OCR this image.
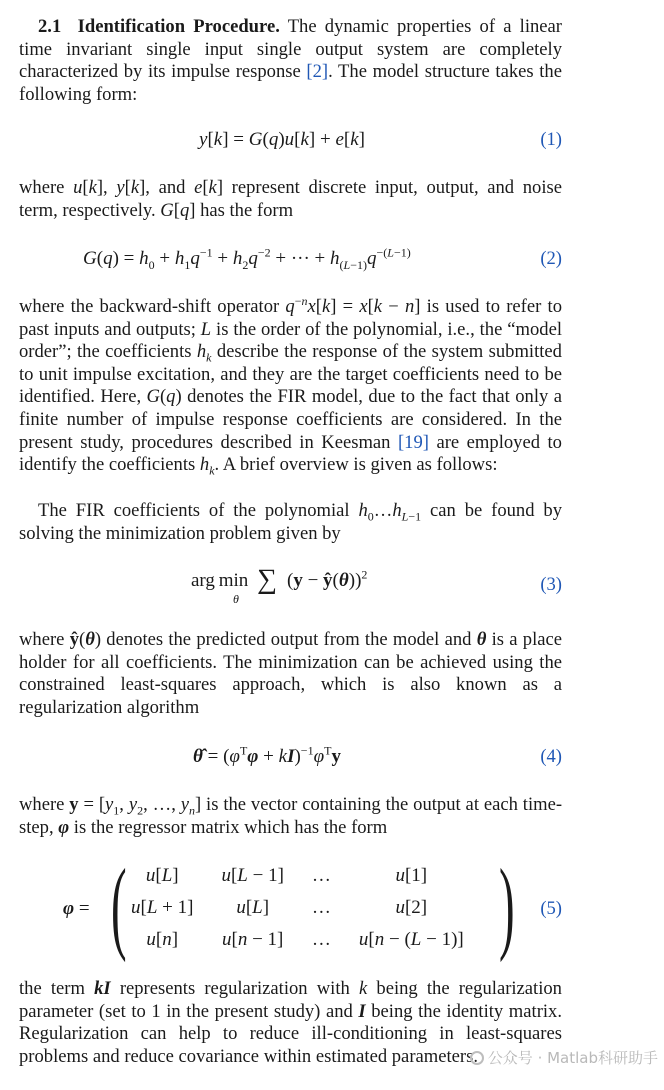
2.1 Identification Procedure. The dynamic properties of a linear time invariant single input single output system are completely characterized by its impulse response [2]. The model structure takes the following form:

y[k] = G(q)u[k] + e[k]	(1)

where u[k], y[k], and e[k] represent discrete input, output, and noise term, respectively. G[q] has the form

$G(q) = h_0 + h_1q^{-1} + h_2q^{-2}$ + ··· + $h_{(L-1)}q^{-(L-1)}$	(2)

where the backward-shift operator $q^{-n}x[k] = x[k - n]$ is used to refer to past inputs and outputs; L is the order of the polynomial, i.e., the “model order”; the coefficients $h_k$ describe the response of the system submitted to unit impulse excitation, and they are the target coefficients need to be identified. Here, G(q) denotes the FIR model, due to the fact that only a finite number of impulse response coefficients are considered. In the present study, procedures described in Keesman [19] are employed to identify the coefficients $h_k$. A brief overview is given as follows:

The FIR coefficients of the polynomial $h_0\dots h_{L-1}$ can be found by solving the minimization problem given by

arg min
θ
∑ (y − ŷ(θ))$^2$	(3)

where ŷ(θ) denotes the predicted output from the model and θ is a place holder for all coefficients. The minimization can be achieved using the constrained least-squares approach, which is also known as a regularization algorithm

θ̂ = $(\varphi^T\varphi + kI)^{-1}\varphi^Ty$	(4)

where $y = [y_1$, $y_2$, …, $y_n$] is the vector containing the output at each time-step, φ is the regressor matrix which has the form

φ = ( u[L]	u[L − 1]	…	u[1]
u[L + 1]	u[L]	…	u[2]
u[n]	u[n − 1]	…	u[n − (L − 1)] ) (5)

the term kI represents regularization with k being the regularization parameter (set to 1 in the present study) and I being the identity matrix. Regularization can help to reduce ill-conditioning in least-squares problems and reduce covariance within estimated parameters. 公众号 · Matlab科研助手
